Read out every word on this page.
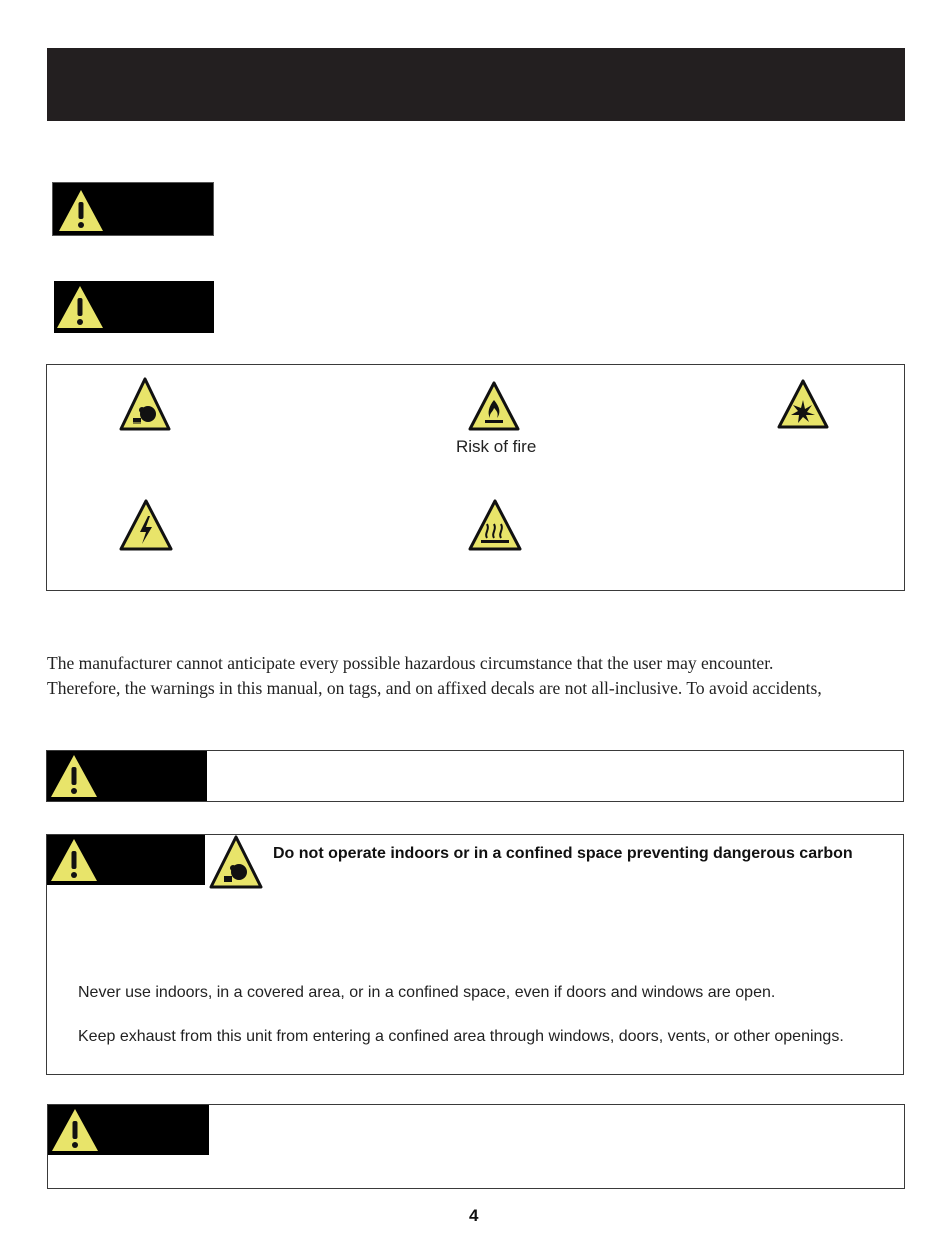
Risk of fire
The manufacturer cannot anticipate every possible hazardous circumstance that the user may encounter.
Therefore, the warnings in this manual, on tags, and on affixed decals are not all-inclusive. To avoid accidents,
Do not operate indoors or in a confined space preventing dangerous carbon
Never use indoors, in a covered area, or in a confined space, even if doors and windows are open.
Keep exhaust from this unit from entering a confined area through windows, doors, vents, or other openings.
4
